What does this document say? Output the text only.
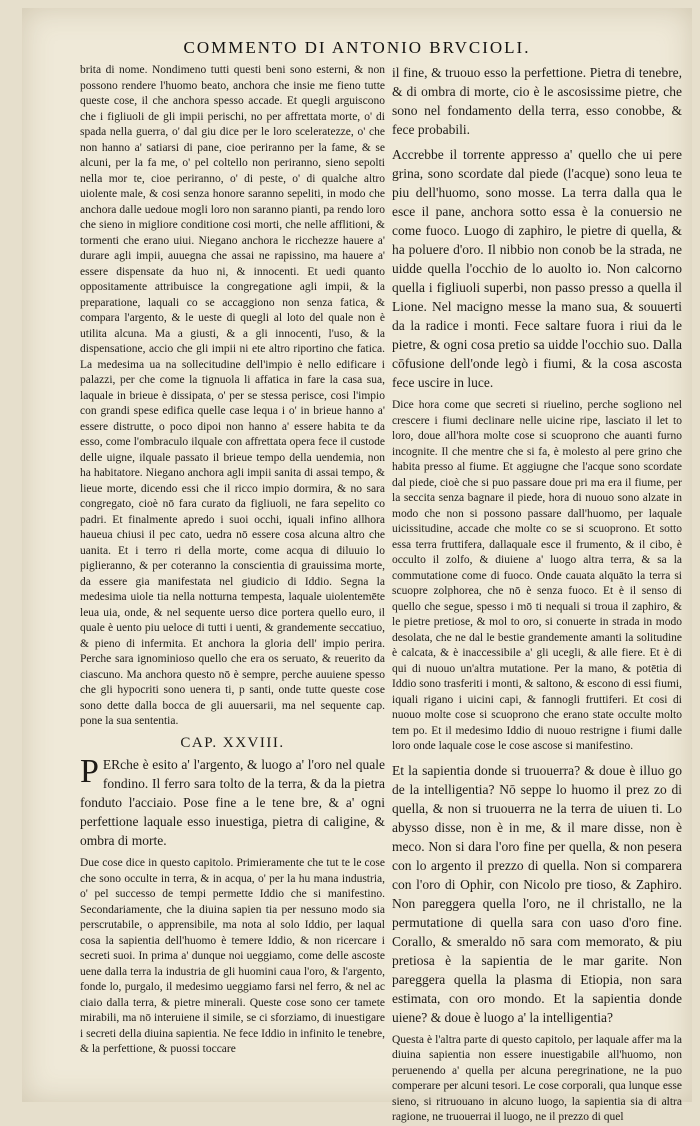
COMMENTO DI ANTONIO BRVCIOLI.

brita di nome. Nondimeno tutti questi beni sono esterni, & non possono rendere l'huomo beato, anchora che insie me fieno tutte queste cose, il che anchora spesso accade. Et quegli arguiscono che i figliuoli de gli impii perischi, no per affrettata morte, o' di spada nella guerra, o' dal giu dice per le loro sceleratezze, o' che non hanno a' satiarsi di pane, cioe periranno per la fame, & se alcuni, per la fa me, o' pel coltello non periranno, sieno sepolti nella mor te, cioe periranno, o' di peste, o' di qualche altro uiolente male, & cosi senza honore saranno sepeliti, in modo che anchora dalle uedoue mogli loro non saranno pianti, pa rendo loro che sieno in migliore conditione cosi morti, che nelle afflitioni, & tormenti che erano uiui. Niegano anchora le ricchezze hauere a' durare agli impii, auuegna che assai ne rapissino, ma hauere a' essere dispensate da huo ni, & innocenti. Et uedi quanto oppositamente attribuisce la congregatione agli impii, & la preparatione, laquali co se accaggiono non senza fatica, & compara l'argento, & le ueste di quegli al loto del quale non è utilita alcuna. Ma a giusti, & a gli innocenti, l'uso, & la dispensatione, accio che gli impii ni ete altro riportino che fatica. La medesima ua na sollecitudine dell'impio è nello edificare i palazzi, per che come la tignuola li affatica in fare la casa sua, laquale in brieue è dissipata, o' per se stessa perisce, cosi l'impio con grandi spese edifica quelle case lequa i o' in brieue hanno a' essere distrutte, o poco dipoi non hanno a' essere habita te da esso, come l'ombraculo ilquale con affrettata opera fece il custode delle uigne, ilquale passato il brieue tempo della uendemia, non ha habitatore. Niegano anchora agli impii sanita di assai tempo, & lieue morte, dicendo essi che il ricco impio dormira, & no sara congregato, cioè nō fara curato da figliuoli, ne fara sepelito co padri. Et finalmente apredo i suoi occhi, iquali infino allhora haueua chiusi il pec cato, uedra nō essere cosa alcuna altro che uanita. Et i terro ri della morte, come acqua di diluuio lo piglieranno, & per coteranno la conscientia di grauissima morte, da essere gia manifestata nel giudicio di Iddio. Segna la medesima uiole tia nella notturna tempesta, laquale uiolentemēte leua uia, onde, & nel sequente uerso dice portera quello euro, il quale è uento piu ueloce di tutti i uenti, & grandemente seccatiuo, & pieno di infermita. Et anchora la gloria dell' impio perira. Perche sara ignominioso quello che era os seruato, & reuerito da ciascuno. Ma anchora questo nō è sempre, perche auuiene spesso che gli hypocriti sono uenera ti, p santi, onde tutte queste cose sono dette dalla bocca de gli auuersarii, ma nel sequente cap. pone la sua sententia.

CAP. XXVIII.

P ERche è esito a' l'argento, & luogo a' l'oro nel quale fondino. Il ferro sara tolto de la terra, & da la pietra fonduto l'acciaio. Pose fine a le tene bre, & a' ogni perfettione laquale esso inuestiga, pietra di caligine, & ombra di morte.

Due cose dice in questo capitolo. Primieramente che tut te le cose che sono occulte in terra, & in acqua, o' per la hu mana industria, o' pel successo de tempi permette Iddio che si manifestino. Secondariamente, che la diuina sapien tia per nessuno modo sia perscrutabile, o apprensibile, ma nota al solo Iddio, per laqual cosa la sapientia dell'huomo è temere Iddio, & non ricercare i secreti suoi. In prima a' dunque noi ueggiamo, come delle ascoste uene dalla terra la industria de gli huomini caua l'oro, & l'argento, fonde lo, purgalo, il medesimo ueggiamo farsi nel ferro, & nel ac ciaio dalla terra, & pietre minerali. Queste cose sono cer tamete mirabili, ma nō interuiene il simile, se ci sforziamo, di inuestigare i secreti della diuina sapientia. Ne fece Iddio in infinito le tenebre, & la perfettione, & puossi toccare

il fine, & truouo esso la perfettione. Pietra di tenebre, & di ombra di morte, cio è le ascosissime pietre, che sono nel fondamento della terra, esso conobbe, & fece probabili.

Accrebbe il torrente appresso a' quello che ui pere grina, sono scordate dal piede (l'acque) sono leua te piu dell'huomo, sono mosse. La terra dalla qua le esce il pane, anchora sotto essa è la conuersio ne come fuoco. Luogo di zaphiro, le pietre di quella, & ha poluere d'oro. Il nibbio non conob be la strada, ne uidde quella l'occhio de lo auolto io. Non calcorno quella i figliuoli superbi, non passo presso a quella il Lione. Nel macigno messe la mano sua, & souuerti da la radice i monti. Fece saltare fuora i riui da le pietre, & ogni cosa pretio sa uidde l'occhio suo. Dalla cōfusione dell'onde legò i fiumi, & la cosa ascosta fece uscire in luce.

Dice hora come que secreti si riuelino, perche sogliono nel crescere i fiumi declinare nelle uicine ripe, lasciato il let to loro, doue all'hora molte cose si scuoprono che auanti furno incognite. Il che mentre che si fa, è molesto al pere grino che habita presso al fiume. Et aggiugne che l'acque sono scordate dal piede, cioè che si puo passare doue pri ma era il fiume, per la seccita senza bagnare il piede, hora di nuouo sono alzate in modo che non si possono passare dall'huomo, per laquale uicissitudine, accade che molte co se si scuoprono. Et sotto essa terra fruttifera, dallaquale esce il frumento, & il cibo, è occulto il zolfo, & diuiene a' luogo altra terra, & sa la commutatione come di fuoco. Onde cauata alquāto la terra si scuopre zolphorea, che nō è senza fuoco. Et è il senso di quello che segue, spesso i mō ti nequali si troua il zaphiro, & le pietre pretiose, & mol to oro, si conuerte in strada in modo desolata, che ne dal le bestie grandemente amanti la solitudine è calcata, & è inaccessibile a' gli ucegli, & alle fiere. Et è di qui di nuouo un'altra mutatione. Per la mano, & potētia di Iddio sono trasferiti i monti, & saltono, & escono di essi fiumi, iquali rigano i uicini capi, & fannogli fruttiferi. Et cosi di nuouo molte cose si scuoprono che erano state occulte molto tem po. Et il medesimo Iddio di nuouo restrigne i fiumi dalle loro onde laquale cose le cose ascose si manifestino.

Et la sapientia donde si truouerra? & doue è illuo go de la intelligentia? Nō seppe lo huomo il prez zo di quella, & non si truouerra ne la terra de uiuen ti. Lo abysso disse, non è in me, & il mare disse, non è meco. Non si dara l'oro fine per quella, & non pesera con lo argento il prezzo di quella. Non si comparera con l'oro di Ophir, con Nicolo pre tioso, & Zaphiro. Non pareggera quella l'oro, ne il christallo, ne la permutatione di quella sara con uaso d'oro fine. Corallo, & smeraldo nō sara com memorato, & piu pretiosa è la sapientia de le mar garite. Non pareggera quella la plasma di Etiopia, non sara estimata, con oro mondo. Et la sapientia donde uiene? & doue è luogo a' la intelligentia?

Questa è l'altra parte di questo capitolo, per laquale affer ma la diuina sapientia non essere inuestigabile all'huomo, non peruenendo a' quella per alcuna peregrinatione, ne la puo comperare per alcuni tesori. Le cose corporali, qua lunque esse sieno, si ritruouano in alcuno luogo, la sapientia sia di altra ragione, ne truouerrai il luogo, ne il prezzo di quel
